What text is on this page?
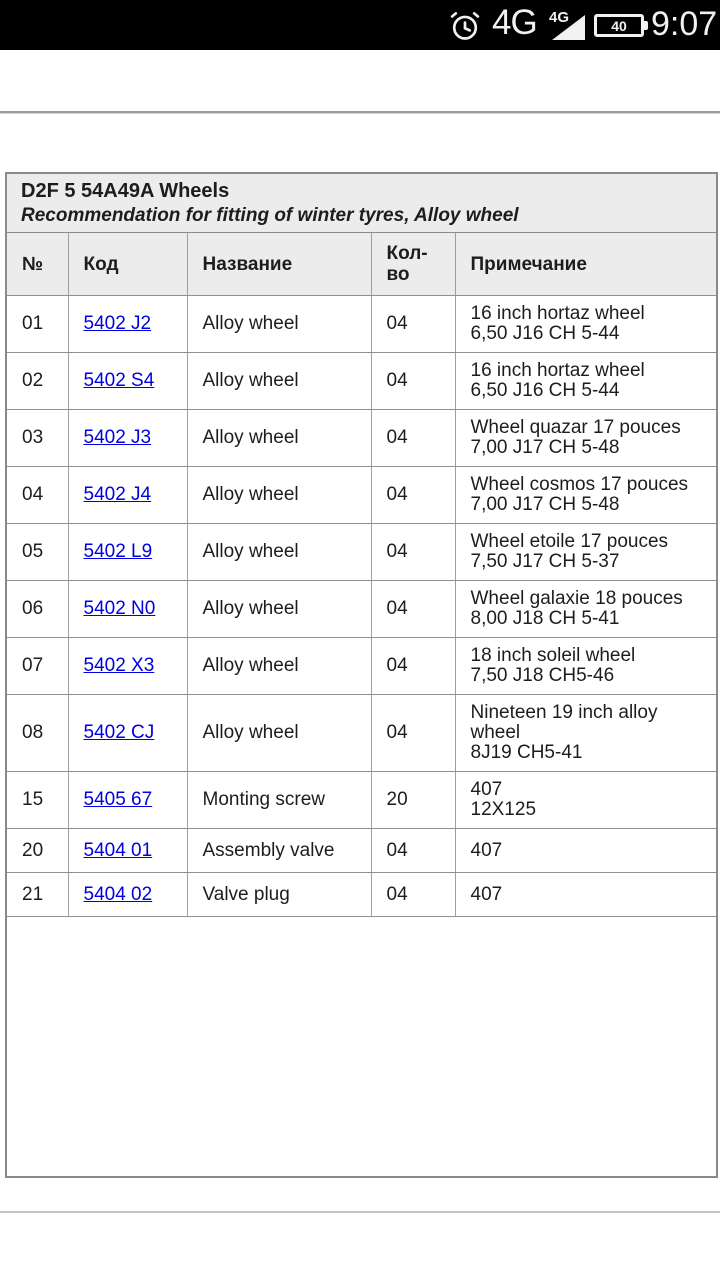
4G 4G	40 9:07
D2F 5 54A49A Wheels
Recommendation for fitting of winter tyres, Alloy wheel
№	Код	Название	Кол-во	Примечание
01	5402 J2	Alloy wheel	04	16 inch hortaz wheel
6,50 J16 CH 5-44

02	5402 S4	Alloy wheel	04	16 inch hortaz wheel
6,50 J16 CH 5-44

03	5402 J3	Alloy wheel	04	Wheel quazar 17 pouces
7,00 J17 CH 5-48

04	5402 J4	Alloy wheel	04	Wheel cosmos 17 pouces
7,00 J17 CH 5-48

05	5402 L9	Alloy wheel	04	Wheel etoile 17 pouces
7,50 J17 CH 5-37

06	5402 N0	Alloy wheel	04	Wheel galaxie 18 pouces
8,00 J18 CH 5-41

07	5402 X3	Alloy wheel	04	18 inch soleil wheel
7,50 J18 CH5-46

08	5402 CJ	Alloy wheel	04	Nineteen 19 inch alloy wheel
8J19 CH5-41

15	5405 67	Monting screw	20	407
12X125

20	5404 01	Assembly valve	04	407

21	5404 02	Valve plug	04	407
